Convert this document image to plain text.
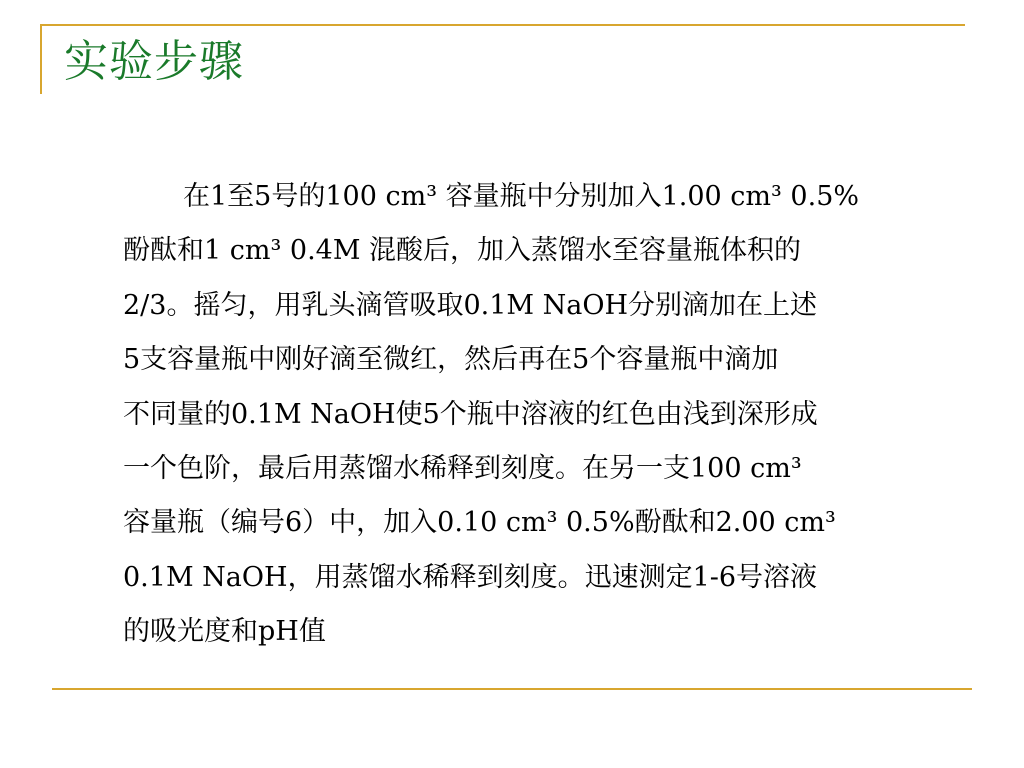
实验步骤
在1至5号的100 cm³ 容量瓶中分别加入1.00 cm³ 0.5%
酚酞和1 cm³ 0.4M 混酸后，加入蒸馏水至容量瓶体积的
2/3。摇匀，用乳头滴管吸取0.1M NaOH分别滴加在上述
5支容量瓶中刚好滴至微红，然后再在5个容量瓶中滴加
不同量的0.1M NaOH使5个瓶中溶液的红色由浅到深形成
一个色阶，最后用蒸馏水稀释到刻度。在另一支100 cm³
容量瓶（编号6）中，加入0.10 cm³ 0.5%酚酞和2.00 cm³
0.1M NaOH，用蒸馏水稀释到刻度。迅速测定1-6号溶液
的吸光度和pH值
